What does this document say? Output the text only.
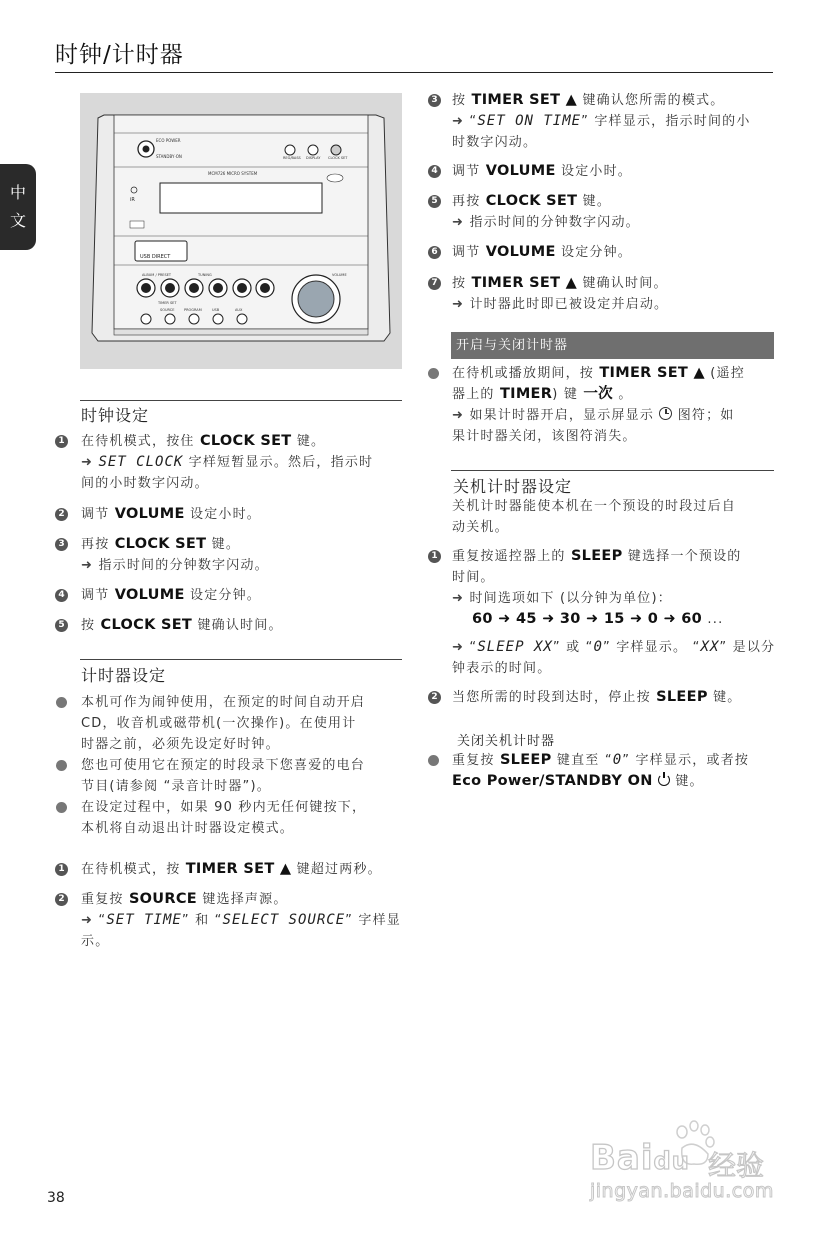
时钟/计时器
中
文
ECO POWER
STANDBY·ON	REG/BASS DISPLAY CLOCK SET
MCM726 MICRO SYSTEM
iR
USB DIRECT
ALBUM / PRESET	TUNING	VOLUME
TIMER SET
SOURCE	PROGRAM	USB	AUX
时钟设定
1 在待机模式，按住 CLOCK SET 键。
➜ SET CLOCK 字样短暂显示。然后，指示时
间的小时数字闪动。
2 调节 VOLUME 设定小时。
3 再按 CLOCK SET 键。
➜ 指示时间的分钟数字闪动。
4 调节 VOLUME 设定分钟。
5 按 CLOCK SET 键确认时间。
计时器设定
本机可作为闹钟使用，在预定的时间自动开启
CD，收音机或磁带机(一次操作)。在使用计
时器之前，必须先设定好时钟。
您也可使用它在预定的时段录下您喜爱的电台
节目(请参阅 “录音计时器”)。
在设定过程中，如果 90 秒内无任何键按下，
本机将自动退出计时器设定模式。
1 在待机模式，按 TIMER SET ▲ 键超过两秒。
2 重复按 SOURCE 键选择声源。
➜ “SET TIME” 和 “SELECT SOURCE” 字样显
示。
3 按 TIMER SET ▲ 键确认您所需的模式。
➜ “SET ON TIME” 字样显示，指示时间的小
时数字闪动。
4 调节 VOLUME 设定小时。
5 再按 CLOCK SET 键。
➜ 指示时间的分钟数字闪动。
6 调节 VOLUME 设定分钟。
7 按 TIMER SET ▲ 键确认时间。
➜ 计时器此时即已被设定并启动。
开启与关闭计时器
在待机或播放期间，按 TIMER SET ▲ (遥控
器上的 TIMER) 键 一次 。
➜ 如果计时器开启，显示屏显示
图符；如
果计时器关闭，该图符消失。
关机计时器设定
关机计时器能使本机在一个预设的时段过后自
动关机。
1 重复按遥控器上的 SLEEP 键选择一个预设的
时间。
➜ 时间选项如下 (以分钟为单位)：
60 ➜ 45 ➜ 30 ➜ 15 ➜ 0 ➜ 60 ...
➜ “SLEEP XX” 或 “0” 字样显示。 “XX” 是以分
钟表示的时间。
2 当您所需的时段到达时，停止按 SLEEP 键。
关闭关机计时器
重复按 SLEEP 键直至 “0” 字样显示，或者按
Eco Power/STANDBY ON
键。
38
Baidu 经验
jingyan.baidu.com
